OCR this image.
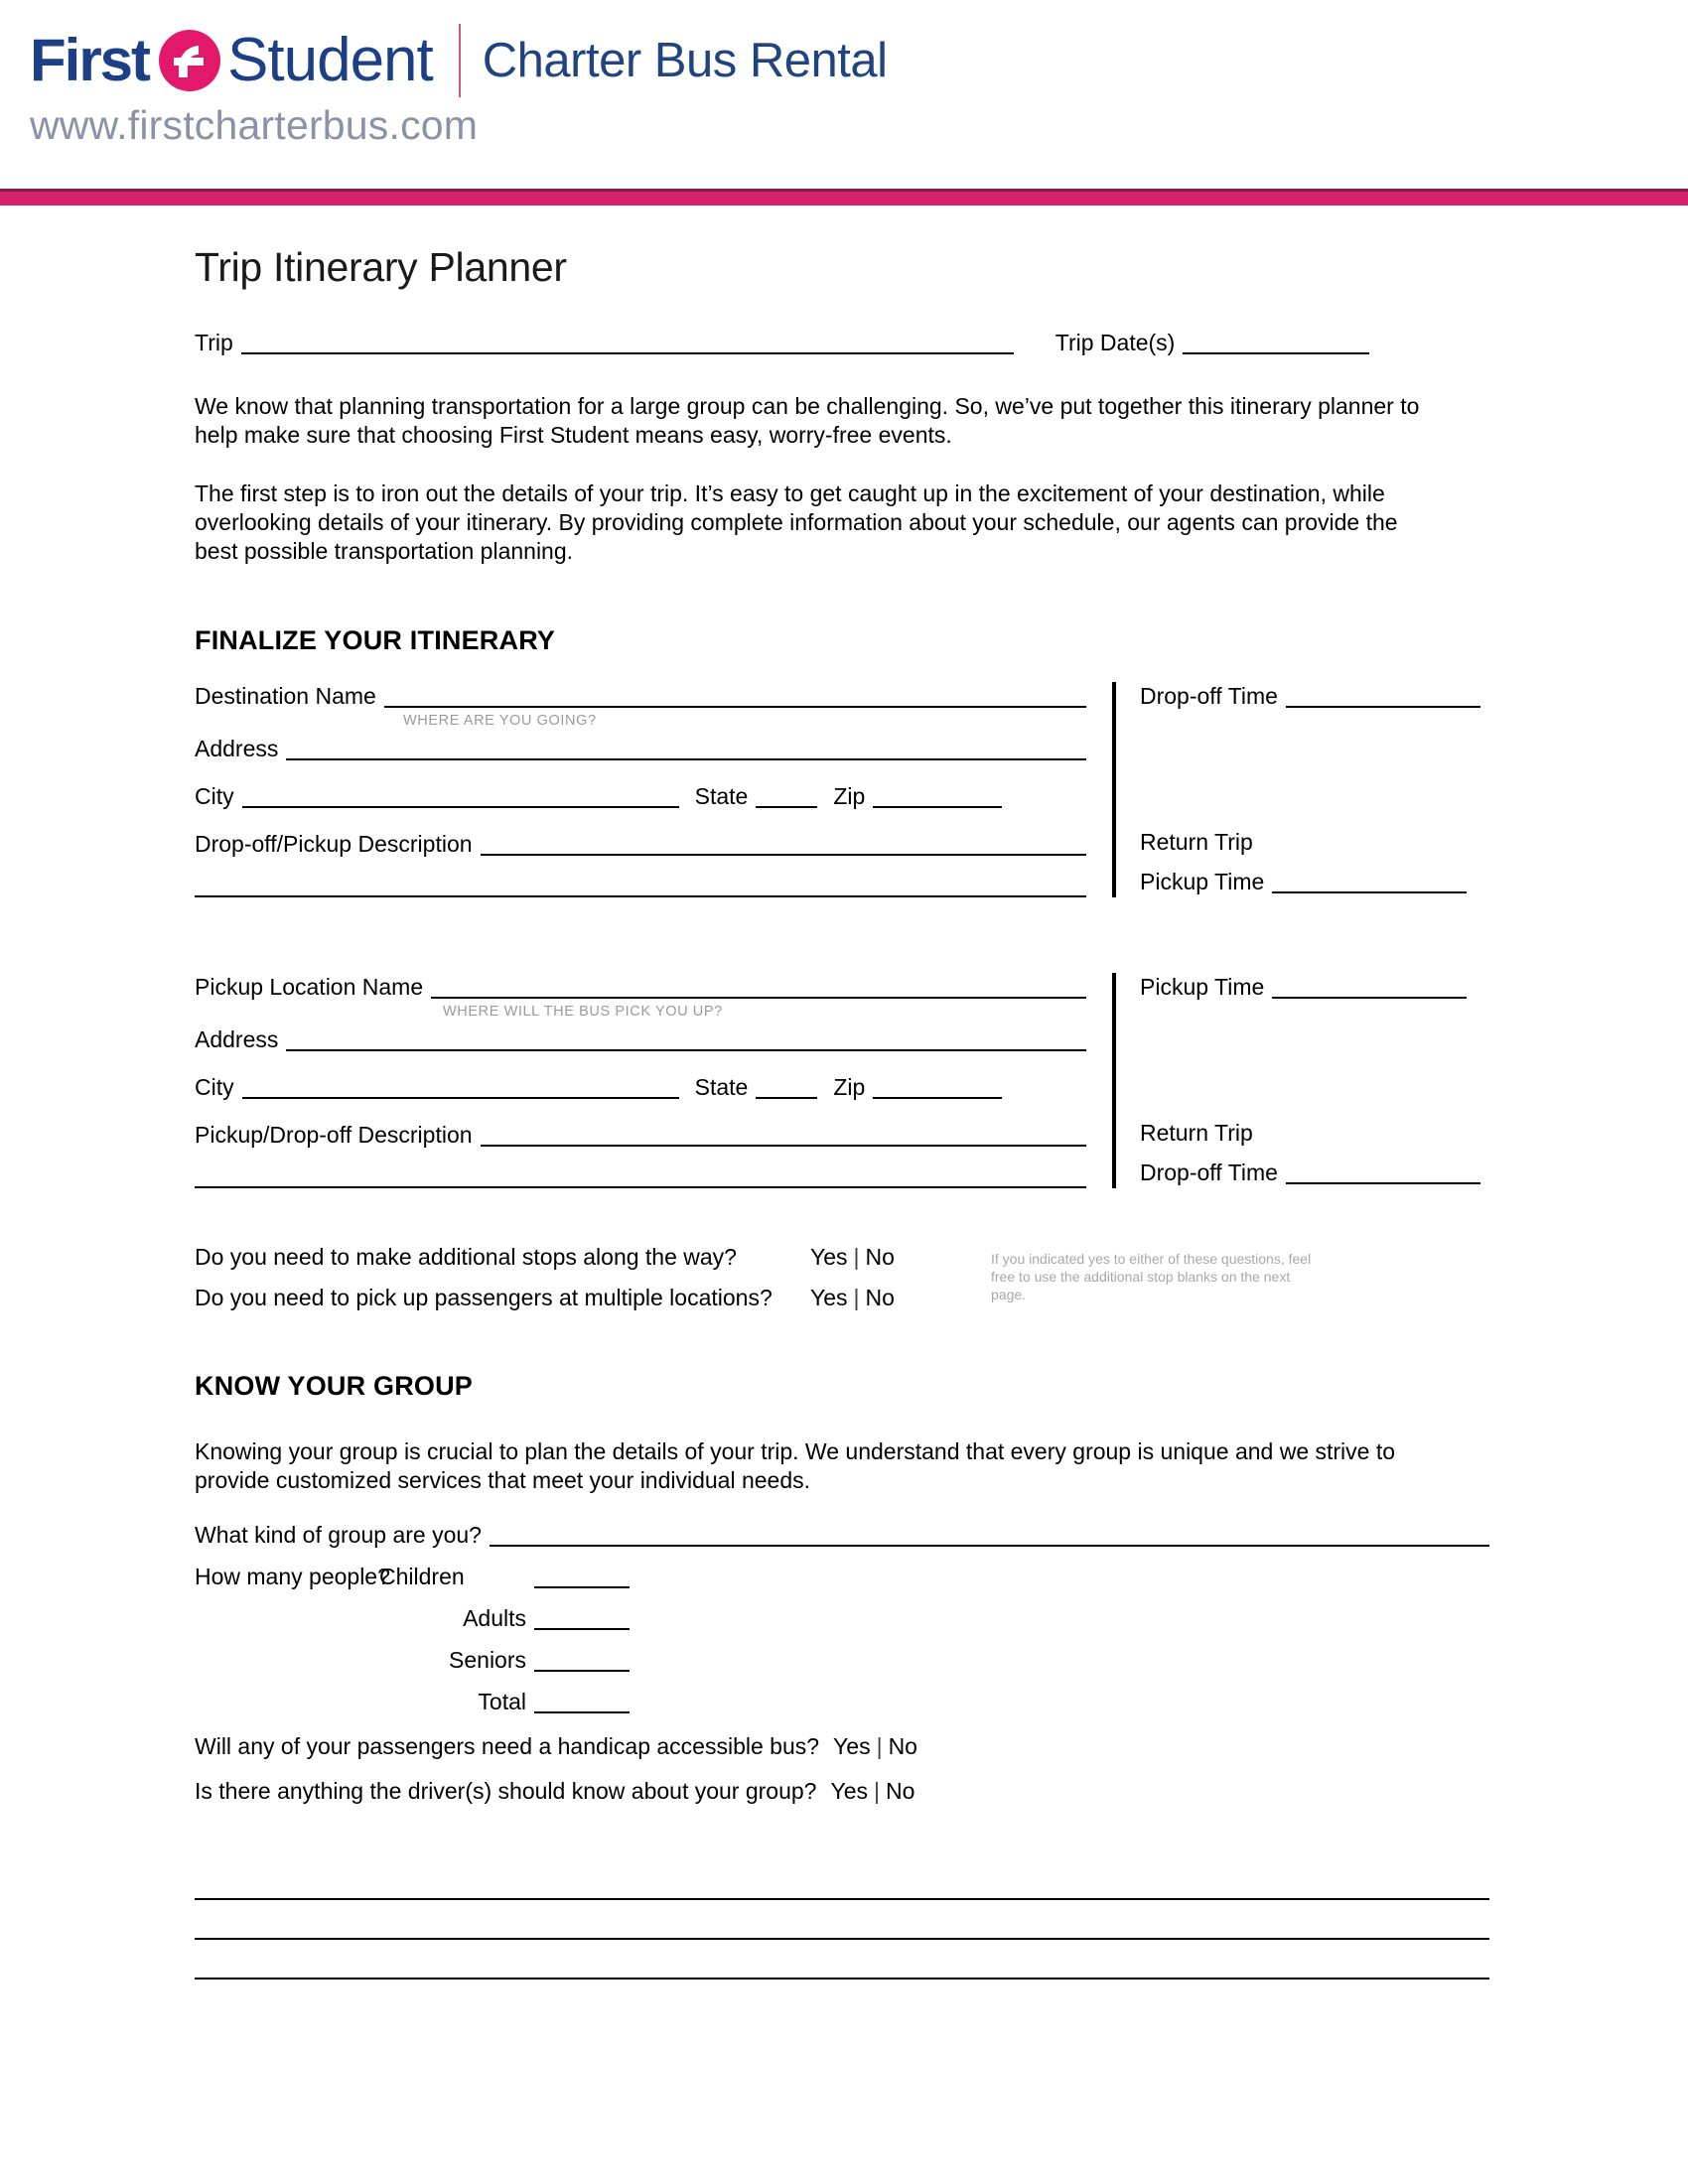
First Student Charter Bus Rental
www.firstcharterbus.com
Trip Itinerary Planner
Trip	Trip Date(s)

We know that planning transportation for a large group can be challenging. So, we’ve put together this itinerary planner to help make sure that choosing First Student means easy, worry-free events.

The first step is to iron out the details of your trip. It’s easy to get caught up in the excitement of your destination, while overlooking details of your itinerary. By providing complete information about your schedule, our agents can provide the best possible transportation planning.

FINALIZE YOUR ITINERARY
Destination Name
WHERE ARE YOU GOING?
Address
City	State	Zip
Drop-off/Pickup Description
Drop-off Time
Return Trip
Pickup Time
Pickup Location Name
WHERE WILL THE BUS PICK YOU UP?
Address
City	State	Zip
Pickup/Drop-off Description
Pickup Time
Return Trip
Drop-off Time
Do you need to make additional stops along the way?	Yes | No
Do you need to pick up passengers at multiple locations?	Yes | No
If you indicated yes to either of these questions, feel free to use the additional stop blanks on the next page.
KNOW YOUR GROUP

Knowing your group is crucial to plan the details of your trip. We understand that every group is unique and we strive to provide customized services that meet your individual needs.

What kind of group are you?
How many people?
Children
Adults
Seniors
Total
Will any of your passengers need a handicap accessible bus? Yes | No
Is there anything the driver(s) should know about your group? Yes | No
